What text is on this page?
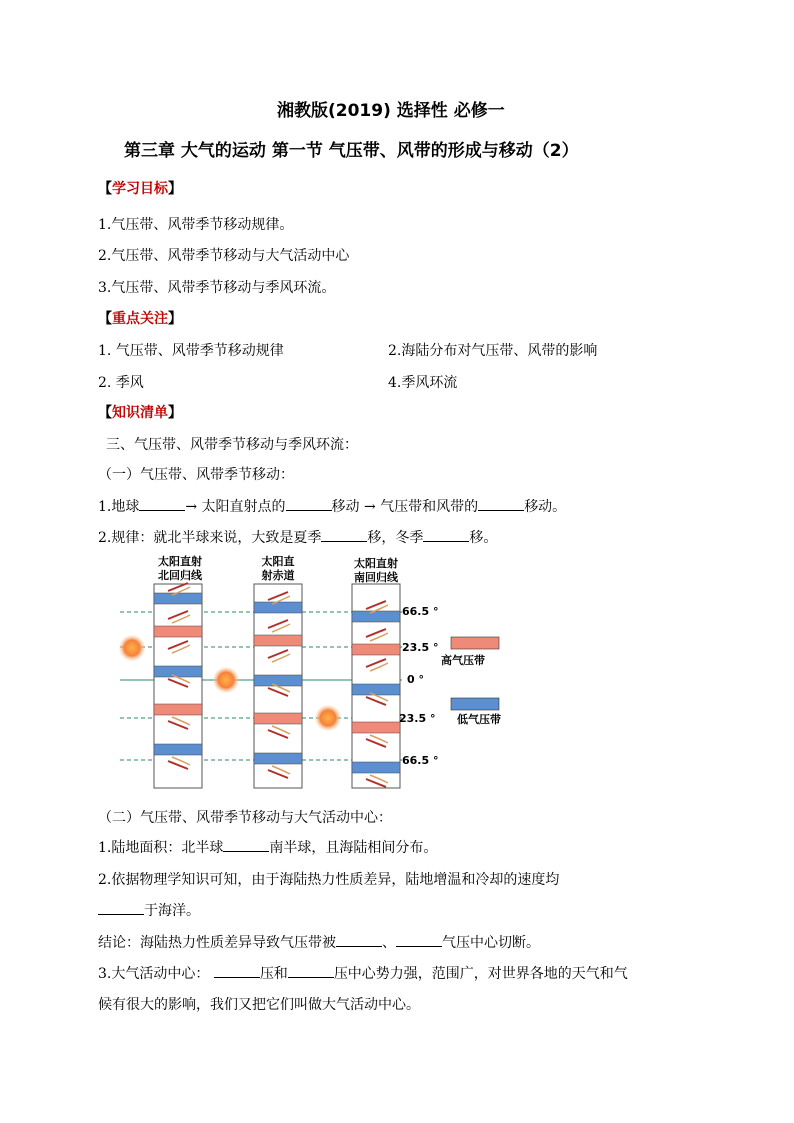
湘教版(2019) 选择性 必修一
第三章 大气的运动 第一节 气压带、风带的形成与移动（2）
【学习目标】
1.气压带、风带季节移动规律。
2.气压带、风带季节移动与大气活动中心
3.气压带、风带季节移动与季风环流。
【重点关注】
1. 气压带、风带季节移动规律	2.海陆分布对气压带、风带的影响
2. 季风	4.季风环流
【知识清单】
三、气压带、风带季节移动与季风环流：
（一）气压带、风带季节移动：
1.地球	→ 太阳直射点的	移动 → 气压带和风带的	移动。
2.规律：就北半球来说，大致是夏季	移，冬季	移。
太阳直射
北回归线
太阳直
射赤道
太阳直射
南回归线
66.5 °
23.5 °
0 °
23.5 °
66.5 °
高气压带
低气压带
（二）气压带、风带季节移动与大气活动中心：
1.陆地面积：北半球	南半球，且海陆相间分布。
2.依据物理学知识可知，由于海陆热力性质差异，陆地增温和冷却的速度均
于海洋。
结论：海陆热力性质差异导致气压带被	、	气压中心切断。
3.大气活动中心：	压和	压中心势力强，范围广，对世界各地的天气和气
候有很大的影响，我们又把它们叫做大气活动中心。
